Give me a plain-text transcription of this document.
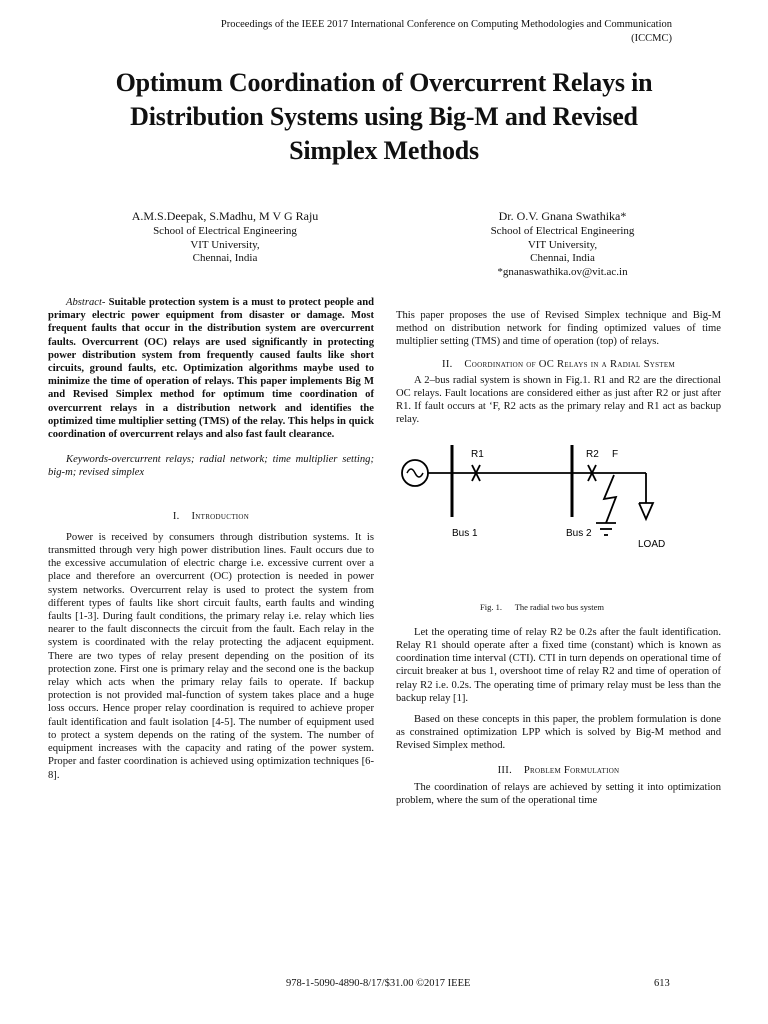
Proceedings of the IEEE 2017 International Conference on Computing Methodologies and Communication
(ICCMC)
Optimum Coordination of Overcurrent Relays in
Distribution Systems using Big-M and Revised
Simplex Methods
A.M.S.Deepak, S.Madhu, M V G Raju
School of Electrical Engineering
VIT University,
Chennai, India
Dr. O.V. Gnana Swathika*
School of Electrical Engineering
VIT University,
Chennai, India
*gnanaswathika.ov@vit.ac.in

Abstract- Suitable protection system is a must to protect people and primary electric power equipment from disaster or damage. Most frequent faults that occur in the distribution system are overcurrent faults. Overcurrent (OC) relays are used significantly in protecting power distribution system from frequently caused faults like short circuits, ground faults, etc. Optimization algorithms maybe used to minimize the time of operation of relays. This paper implements Big M and Revised Simplex method for optimum time coordination of overcurrent relays in a distribution network and identifies the optimized time multiplier setting (TMS) of the relay. This helps in quick coordination of overcurrent relays and also fast fault clearance.

Keywords-overcurrent relays; radial network; time multiplier setting; big-m; revised simplex

I. Introduction

Power is received by consumers through distribution systems. It is transmitted through very high power distribution lines. Fault occurs due to the excessive accumulation of electric charge i.e. excessive current over a place and therefore an overcurrent (OC) protection is needed in power system networks. Overcurrent relay is used to protect the system from different types of faults like short circuit faults, earth faults and winding faults [1-3]. During fault conditions, the primary relay i.e. relay which lies nearer to the fault disconnects the circuit from the fault. Each relay in the system is coordinated with the relay protecting the adjacent equipment. There are two types of relay present depending on the position of its protection zone. First one is primary relay and the second one is the backup relay which acts when the primary relay fails to operate. If backup protection is not provided mal-function of system takes place and a huge loss occurs. Hence proper relay coordination is required to achieve proper fault identification and fault isolation [4-5]. The number of equipment used to protect a system depends on the rating of the system. The number of equipment increases with the capacity and rating of the power system. Proper and faster coordination is achieved using optimization techniques [6-8].

This paper proposes the use of Revised Simplex technique and Big-M method on distribution network for finding optimized values of time multiplier setting (TMS) and time of operation (top) of relays.

II. Coordination of OC Relays in a Radial System

A 2–bus radial system is shown in Fig.1. R1 and R2 are the directional OC relays. Fault locations are considered either as just after R2 or just after R1. If fault occurs at ‘F, R2 acts as the primary relay and R1 act as backup relay.

R1	R2 F
Bus 1	Bus 2
LOAD
Fig. 1. The radial two bus system

Let the operating time of relay R2 be 0.2s after the fault identification. Relay R1 should operate after a fixed time (constant) which is known as coordination time interval (CTI). CTI in turn depends on operational time of circuit breaker at bus 1, overshoot time of relay R2 and time of operation of relay R2 i.e. 0.2s. The operating time of primary relay must be less than the backup relay [1].

Based on these concepts in this paper, the problem formulation is done as constrained optimization LPP which is solved by Big-M method and Revised Simplex method.

III. Problem Formulation

The coordination of relays are achieved by setting it into optimization problem, where the sum of the operational time

978-1-5090-4890-8/17/$31.00 ©2017 IEEE	613
